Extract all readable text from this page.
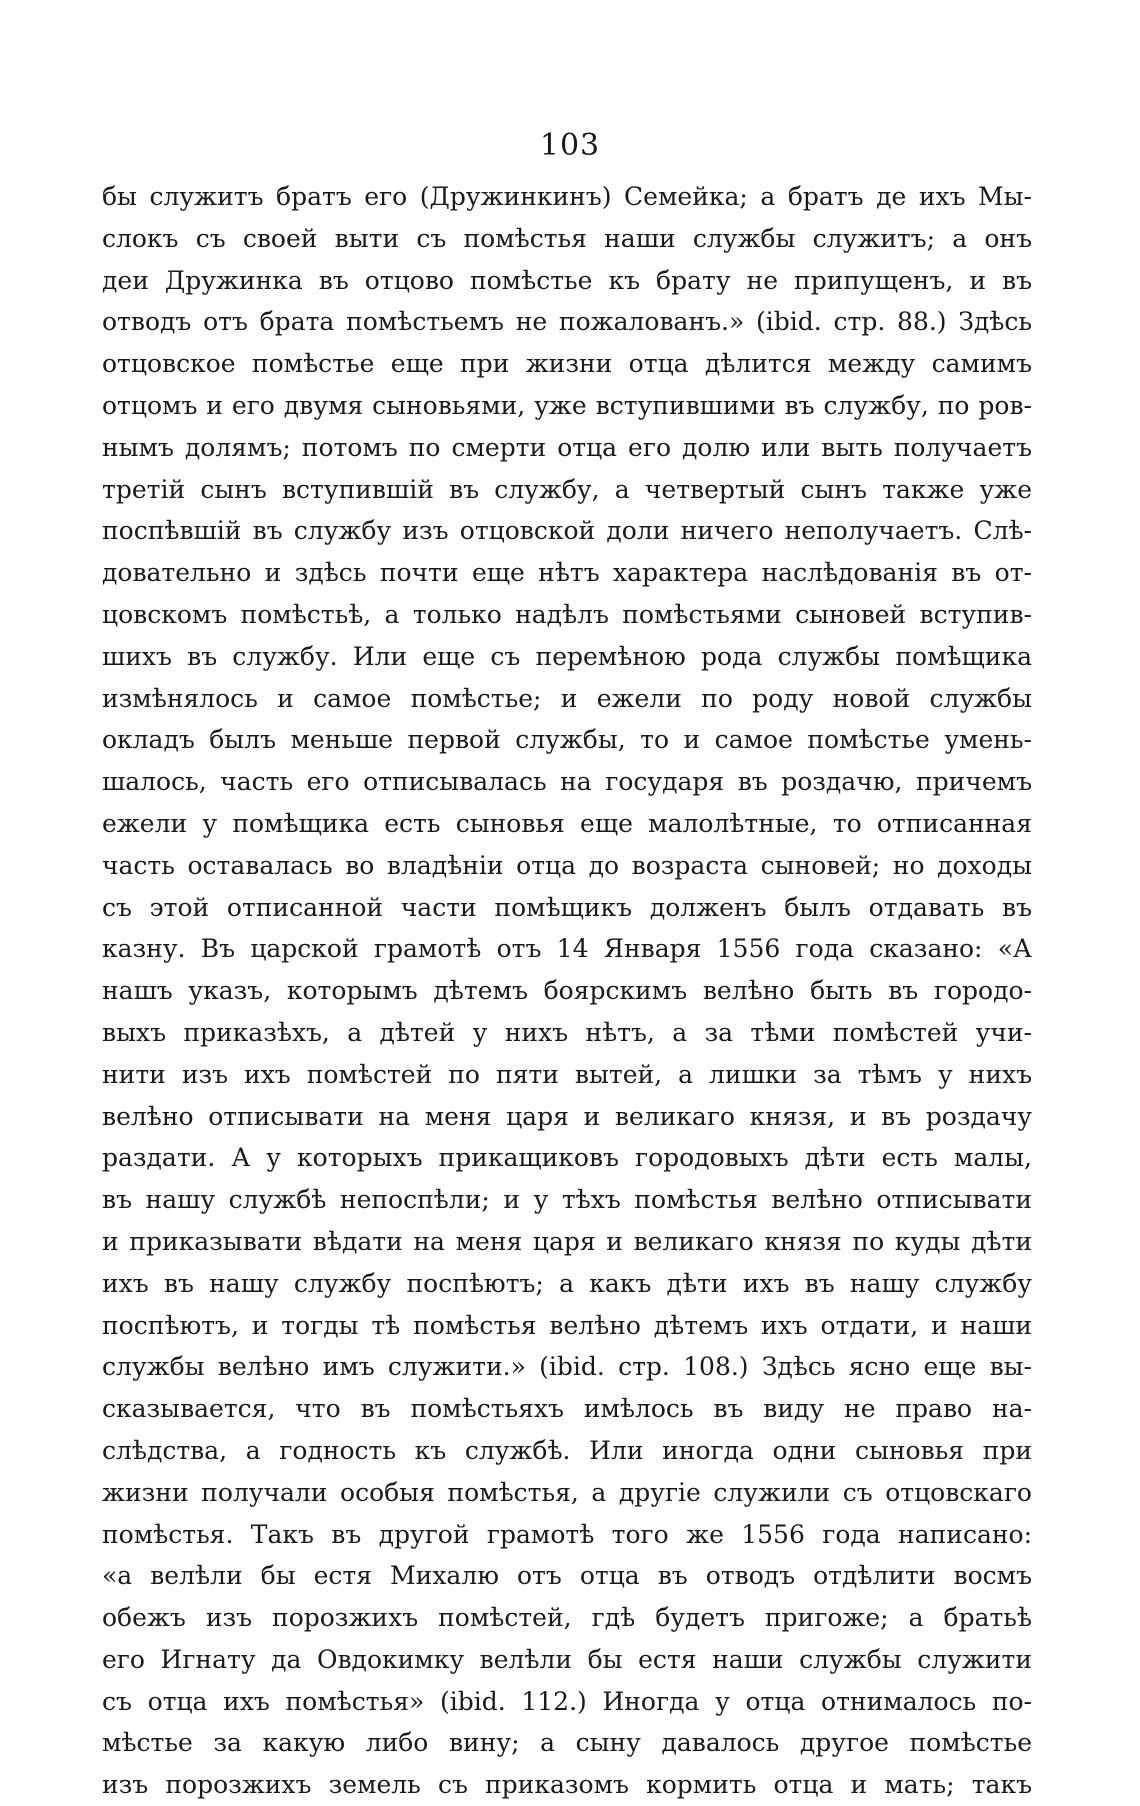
103
бы служитъ братъ его (Дружинкинъ) Семейка; а братъ де ихъ Мы-
слокъ съ своей выти съ помѣстья наши службы служитъ; а онъ
деи Дружинка въ отцово помѣстье къ брату не припущенъ, и въ
отводъ отъ брата помѣстьемъ не пожалованъ.» (ibid. стр. 88.) Здѣсь
отцовское помѣстье еще при жизни отца дѣлится между самимъ
отцомъ и его двумя сыновьями, уже вступившими въ службу, по ров-
нымъ долямъ; потомъ по смерти отца его долю или выть получаетъ
третій сынъ вступившій въ службу, а четвертый сынъ также уже
поспѣвшій въ службу изъ отцовской доли ничего неполучаетъ. Слѣ-
довательно и здѣсь почти еще нѣтъ характера наслѣдованія въ от-
цовскомъ помѣстьѣ, а только надѣлъ помѣстьями сыновей вступив-
шихъ въ службу. Или еще съ перемѣною рода службы помѣщика
измѣнялось и самое помѣстье; и ежели по роду новой службы
окладъ былъ меньше первой службы, то и самое помѣстье умень-
шалось, часть его отписывалась на государя въ роздачю, причемъ
ежели у помѣщика есть сыновья еще малолѣтные, то отписанная
часть оставалась во владѣніи отца до возраста сыновей; но доходы
съ этой отписанной части помѣщикъ долженъ былъ отдавать въ
казну. Въ царской грамотѣ отъ 14 Января 1556 года сказано: «А
нашъ указъ, которымъ дѣтемъ боярскимъ велѣно быть въ городо-
выхъ приказѣхъ, а дѣтей у нихъ нѣтъ, а за тѣми помѣстей учи-
нити изъ ихъ помѣстей по пяти вытей, а лишки за тѣмъ у нихъ
велѣно отписывати на меня царя и великаго князя, и въ роздачу
раздати. А у которыхъ прикащиковъ городовыхъ дѣти есть малы,
въ нашу службѣ непоспѣли; и у тѣхъ помѣстья велѣно отписывати
и приказывати вѣдати на меня царя и великаго князя по куды дѣти
ихъ въ нашу службу поспѣютъ; а какъ дѣти ихъ въ нашу службу
поспѣютъ, и тогды тѣ помѣстья велѣно дѣтемъ ихъ отдати, и наши
службы велѣно имъ служити.» (ibid. стр. 108.) Здѣсь ясно еще вы-
сказывается, что въ помѣстьяхъ имѣлось въ виду не право на-
слѣдства, а годность къ службѣ. Или иногда одни сыновья при
жизни получали особыя помѣстья, а другіе служили съ отцовскаго
помѣстья. Такъ въ другой грамотѣ того же 1556 года написано:
«а велѣли бы естя Михалю отъ отца въ отводъ отдѣлити восмъ
обежъ изъ порозжихъ помѣстей, гдѣ будетъ пригоже; а братьѣ
его Игнату да Овдокимку велѣли бы естя наши службы служити
съ отца ихъ помѣстья» (ibid. 112.) Иногда у отца отнималось по-
мѣстье за какую либо вину; а сыну давалось другое помѣстье
изъ порозжихъ земель съ приказомъ кормить отца и мать; такъ
